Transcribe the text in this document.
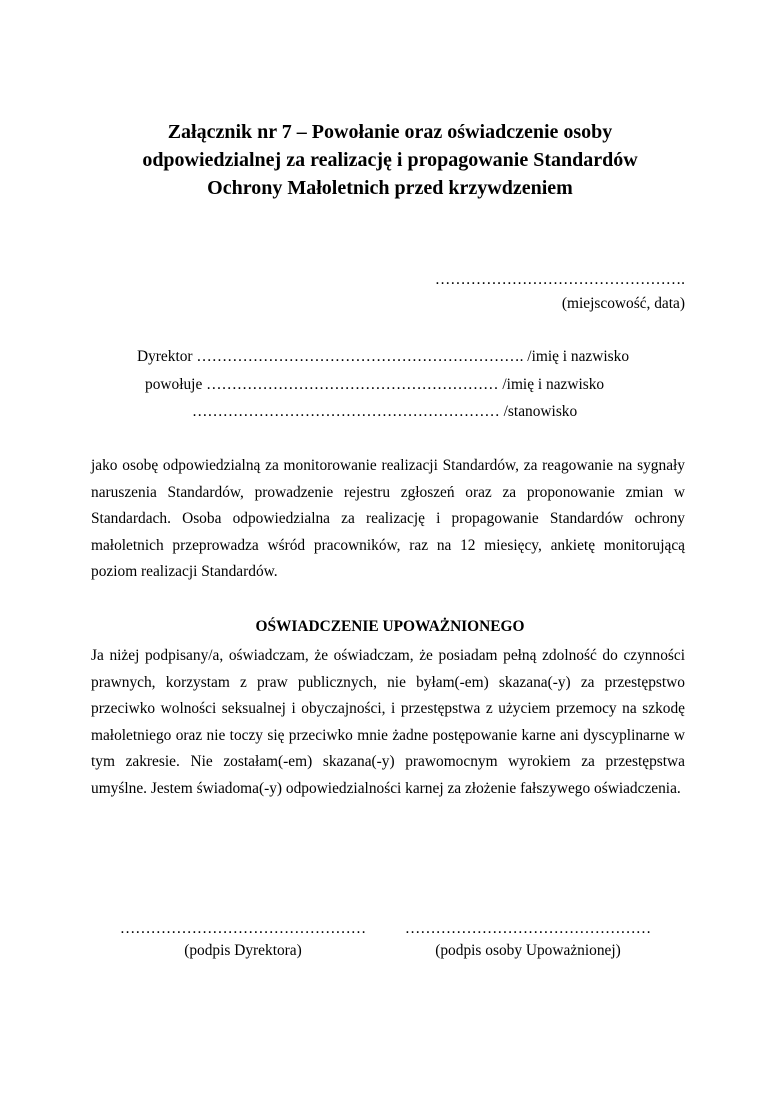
Załącznik nr 7 – Powołanie oraz oświadczenie osoby
odpowiedzialnej za realizację i propagowanie Standardów
Ochrony Małoletnich przed krzywdzeniem
………………………………………….
(miejscowość, data)
Dyrektor ………………………………………………………. /imię i nazwisko
powołuje ………………………………………………… /imię i nazwisko
…………………………………………………… /stanowisko
jako osobę odpowiedzialną za monitorowanie realizacji Standardów, za reagowanie na sygnały naruszenia Standardów, prowadzenie rejestru zgłoszeń oraz za proponowanie zmian w Standardach. Osoba odpowiedzialna za realizację i propagowanie Standardów ochrony małoletnich przeprowadza wśród pracowników, raz na 12 miesięcy, ankietę monitorującą poziom realizacji Standardów.
OŚWIADCZENIE UPOWAŻNIONEGO
Ja niżej podpisany/a, oświadczam, że oświadczam, że posiadam pełną zdolność do czynności prawnych, korzystam z praw publicznych, nie byłam(-em) skazana(-y) za przestępstwo przeciwko wolności seksualnej i obyczajności, i przestępstwa z użyciem przemocy na szkodę małoletniego oraz nie toczy się przeciwko mnie żadne postępowanie karne ani dyscyplinarne w tym zakresie. Nie zostałam(-em) skazana(-y) prawomocnym wyrokiem za przestępstwa umyślne. Jestem świadoma(-y) odpowiedzialności karnej za złożenie fałszywego oświadczenia.
…………………………………………
(podpis Dyrektora)
…………………………………………
(podpis osoby Upoważnionej)
